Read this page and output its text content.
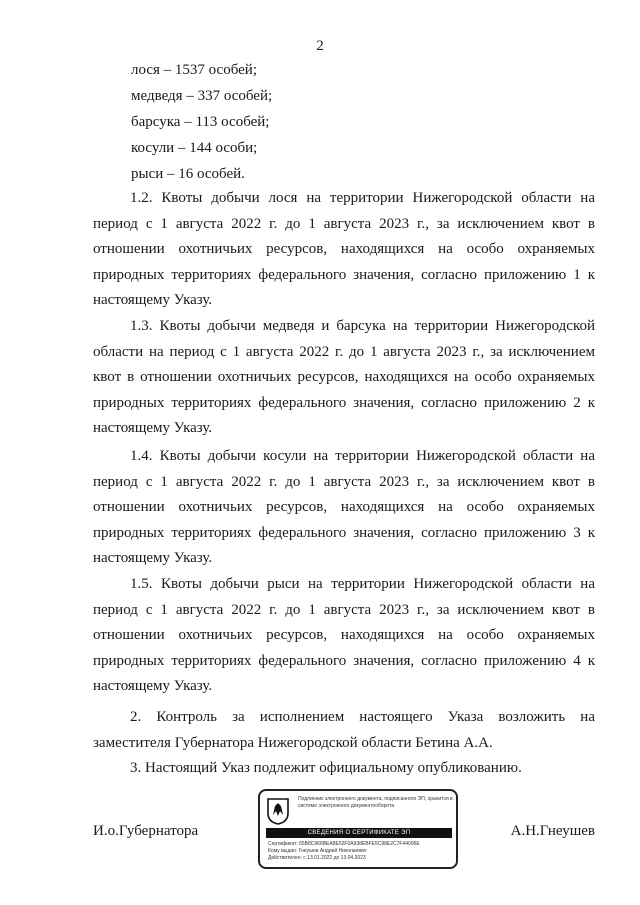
2
лося – 1537 особей;
медведя – 337 особей;
барсука – 113 особей;
косули – 144 особи;
рыси – 16 особей.

1.2. Квоты добычи лося на территории Нижегородской области на период с 1 августа 2022 г. до 1 августа 2023 г., за исключением квот в отношении охотничьих ресурсов, находящихся на особо охраняемых природных территориях федерального значения, согласно приложению 1 к настоящему Указу.

1.3. Квоты добычи медведя и барсука на территории Нижегородской области на период с 1 августа 2022 г. до 1 августа 2023 г., за исключением квот в отношении охотничьих ресурсов, находящихся на особо охраняемых природных территориях федерального значения, согласно приложению 2 к настоящему Указу.

1.4. Квоты добычи косули на территории Нижегородской области на период с 1 августа 2022 г. до 1 августа 2023 г., за исключением квот в отношении охотничьих ресурсов, находящихся на особо охраняемых природных территориях федерального значения, согласно приложению 3 к настоящему Указу.

1.5. Квоты добычи рыси на территории Нижегородской области на период с 1 августа 2022 г. до 1 августа 2023 г., за исключением квот в отношении охотничьих ресурсов, находящихся на особо охраняемых природных территориях федерального значения, согласно приложению 4 к настоящему Указу.

2. Контроль за исполнением настоящего Указа возложить на заместителя Губернатора Нижегородской области Бетина А.А.

3. Настоящий Указ подлежит официальному опубликованию.

И.о.Губернатора	А.Н.Гнеушев
Подлинник электронного документа, подписанного ЭП, хранится в системе электронного документооборота
СВЕДЕНИЯ О СЕРТИФИКАТЕ ЭП
Сертификат: 65B8C966BEA8E52F0A938EBFE5C98E2C7F44096E
Кому выдан: Гнеушев Андрей Николаевич
Действителен: с 13.01.2022 до 13.04.2023
